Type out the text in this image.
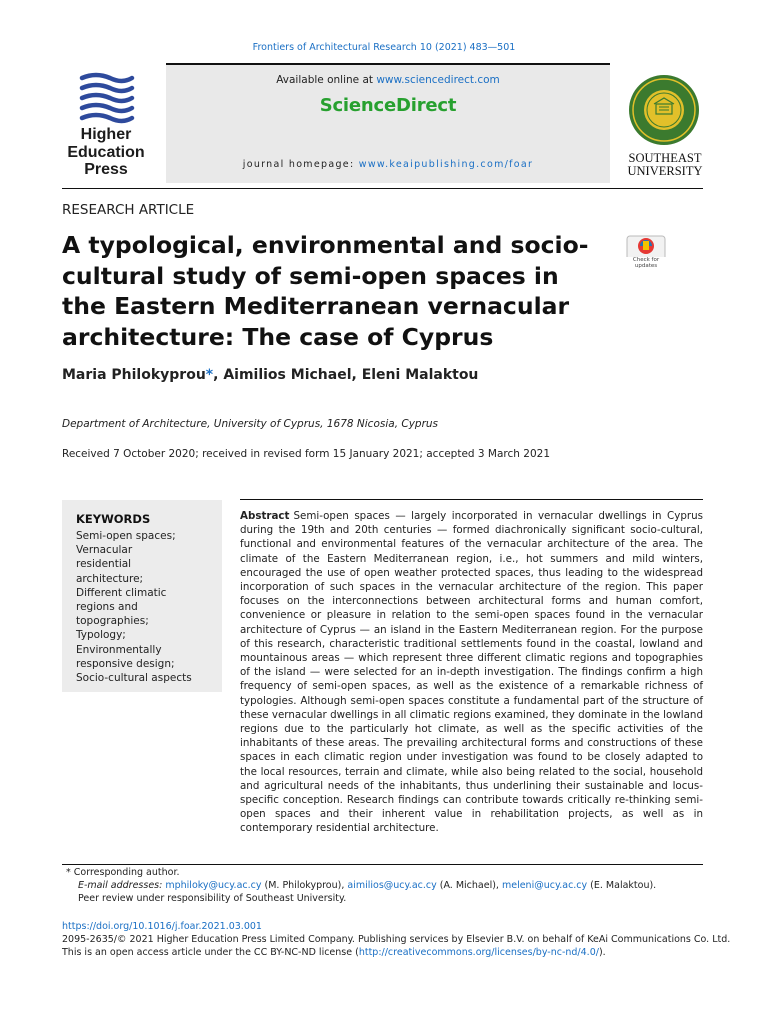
Frontiers of Architectural Research 10 (2021) 483—501
Higher
Education
Press
Available online at www.sciencedirect.com
ScienceDirect
journal homepage: www.keaipublishing.com/foar	SOUTHEAST
UNIVERSITY
RESEARCH ARTICLE
A typological, environmental and socio-cultural study of semi-open spaces in the Eastern Mediterranean vernacular architecture: The case of Cyprus
Check for updates
Maria Philokyprou*, Aimilios Michael, Eleni Malaktou
Department of Architecture, University of Cyprus, 1678 Nicosia, Cyprus
Received 7 October 2020; received in revised form 15 January 2021; accepted 3 March 2021
KEYWORDS
Semi-open spaces;
Vernacular
residential
architecture;
Different climatic
regions and
topographies;
Typology;
Environmentally
responsive design;
Socio-cultural aspects
Abstract Semi-open spaces — largely incorporated in vernacular dwellings in Cyprus during the 19th and 20th centuries — formed diachronically significant socio-cultural, functional and environmental features of the vernacular architecture of the area. The climate of the Eastern Mediterranean region, i.e., hot summers and mild winters, encouraged the use of open weather protected spaces, thus leading to the widespread incorporation of such spaces in the vernacular architecture of the region. This paper focuses on the interconnections between architectural forms and human comfort, convenience or pleasure in relation to the semi-open spaces found in the vernacular architecture of Cyprus — an island in the Eastern Mediterranean region. For the purpose of this research, characteristic traditional settlements found in the coastal, lowland and mountainous areas — which represent three different climatic regions and topographies of the island — were selected for an in-depth investigation. The findings confirm a high frequency of semi-open spaces, as well as the existence of a remarkable richness of typologies. Although semi-open spaces constitute a fundamental part of the structure of these vernacular dwellings in all climatic regions examined, they dominate in the lowland regions due to the particularly hot climate, as well as the specific activities of the inhabitants of these areas. The prevailing architectural forms and constructions of these spaces in each climatic region under investigation was found to be closely adapted to the local resources, terrain and climate, while also being related to the social, household and agricultural needs of the inhabitants, thus underlining their sustainable and locus-specific conception. Research findings can contribute towards critically re-thinking semi-open spaces and their inherent value in rehabilitation projects, as well as in contemporary residential architecture.
* Corresponding author.
E-mail addresses: mphiloky@ucy.ac.cy (M. Philokyprou), aimilios@ucy.ac.cy (A. Michael), meleni@ucy.ac.cy (E. Malaktou).
Peer review under responsibility of Southeast University.
https://doi.org/10.1016/j.foar.2021.03.001
2095-2635/© 2021 Higher Education Press Limited Company. Publishing services by Elsevier B.V. on behalf of KeAi Communications Co. Ltd.
This is an open access article under the CC BY-NC-ND license (http://creativecommons.org/licenses/by-nc-nd/4.0/).
